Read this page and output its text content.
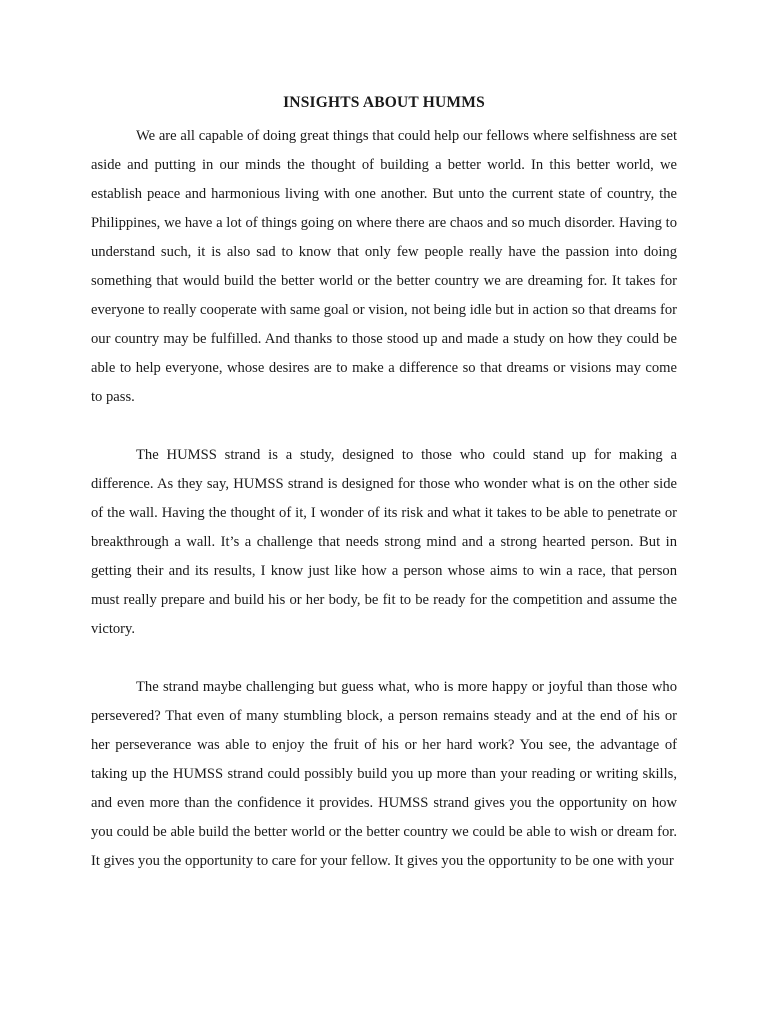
INSIGHTS ABOUT HUMMS

We are all capable of doing great things that could help our fellows where selfishness are set aside and putting in our minds the thought of building a better world. In this better world, we establish peace and harmonious living with one another. But unto the current state of country, the Philippines, we have a lot of things going on where there are chaos and so much disorder. Having to understand such, it is also sad to know that only few people really have the passion into doing something that would build the better world or the better country we are dreaming for. It takes for everyone to really cooperate with same goal or vision, not being idle but in action so that dreams for our country may be fulfilled. And thanks to those stood up and made a study on how they could be able to help everyone, whose desires are to make a difference so that dreams or visions may come to pass.

The HUMSS strand is a study, designed to those who could stand up for making a difference. As they say, HUMSS strand is designed for those who wonder what is on the other side of the wall. Having the thought of it, I wonder of its risk and what it takes to be able to penetrate or breakthrough a wall. It’s a challenge that needs strong mind and a strong hearted person. But in getting their and its results, I know just like how a person whose aims to win a race, that person must really prepare and build his or her body, be fit to be ready for the competition and assume the victory.

The strand maybe challenging but guess what, who is more happy or joyful than those who persevered? That even of many stumbling block, a person remains steady and at the end of his or her perseverance was able to enjoy the fruit of his or her hard work? You see, the advantage of taking up the HUMSS strand could possibly build you up more than your reading or writing skills, and even more than the confidence it provides. HUMSS strand gives you the opportunity on how you could be able build the better world or the better country we could be able to wish or dream for. It gives you the opportunity to care for your fellow. It gives you the opportunity to be one with your
